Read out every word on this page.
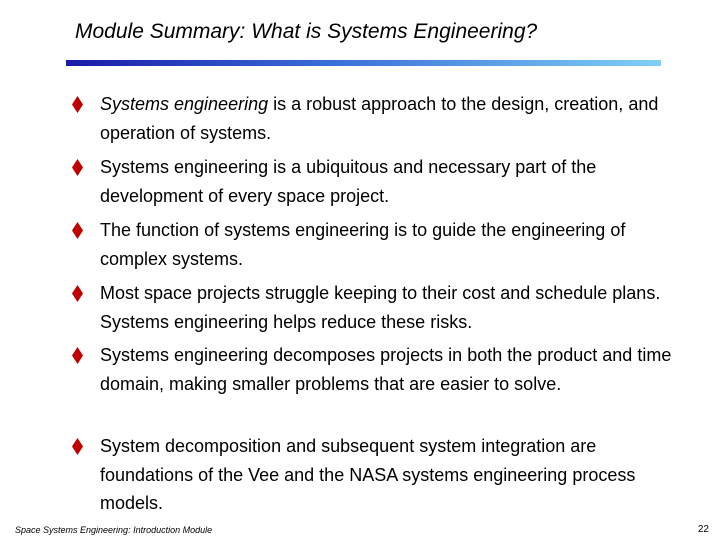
Module Summary: What is Systems Engineering?
Systems engineering is a robust approach to the design, creation, and operation of systems.
Systems engineering is a ubiquitous and necessary part of the development of every space project.
The function of systems engineering is to guide the engineering of complex systems.
Most space projects struggle keeping to their cost and schedule plans. Systems engineering helps reduce these risks.
Systems engineering decomposes projects in both the product and time domain, making smaller problems that are easier to solve.
System decomposition and subsequent system integration are foundations of the Vee and the NASA systems engineering process models.
Space Systems Engineering: Introduction Module	22
